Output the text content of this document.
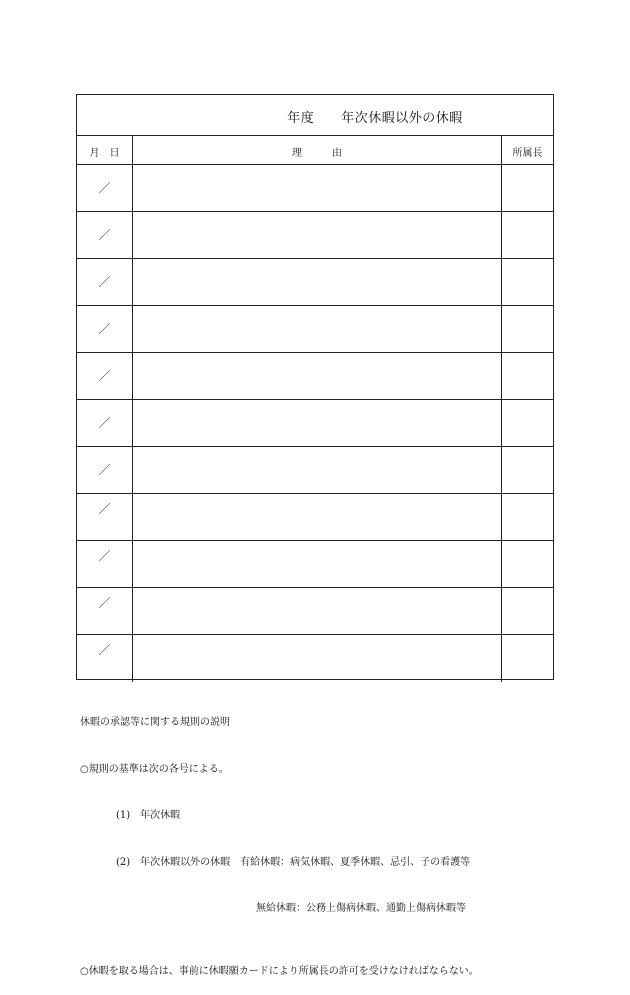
年度　　年次休暇以外の休暇
月　日	理　　　由	所属長
／
／
／
／
／
／
／
／
／
／
／

休暇の承認等に関する規則の説明

○規則の基準は次の各号による。

(1)　 年次休暇

(2)　 年次休暇以外の休暇　 有給休暇：病気休暇、夏季休暇、忌引、子の看護等

無給休暇：公務上傷病休暇、通勤上傷病休暇等

○休暇を取る場合は、事前に休暇願カードにより所属長の許可を受けなければならない。
